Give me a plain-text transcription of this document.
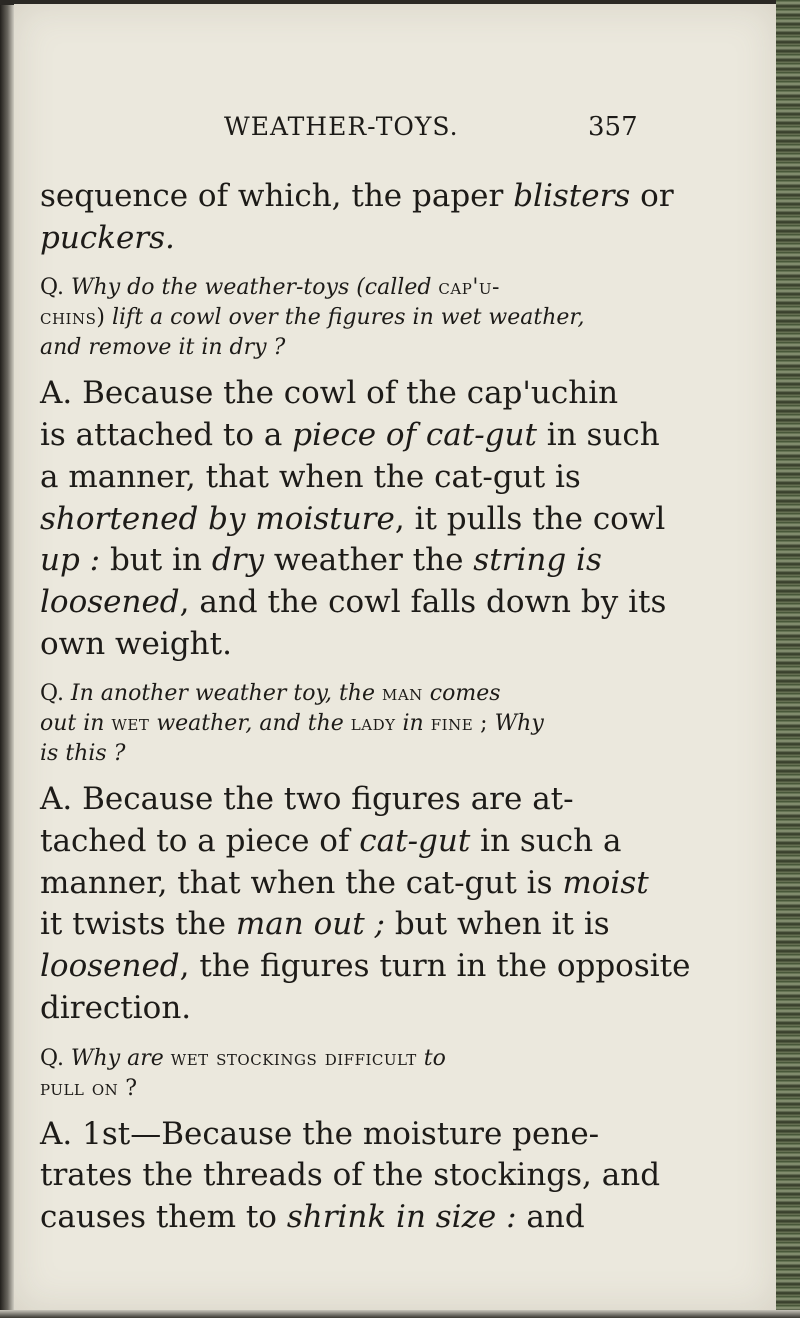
WEATHER-TOYS.	357
sequence of which, the paper blisters or
puckers.
Q. Why do the weather-toys (called cap'u-
chins) lift a cowl over the figures in wet weather,
and remove it in dry ?
A. Because the cowl of the cap'uchin
is attached to a piece of cat-gut in such
a manner, that when the cat-gut is
shortened by moisture, it pulls the cowl
up : but in dry weather the string is
loosened, and the cowl falls down by its
own weight.
Q. In another weather toy, the man comes
out in wet weather, and the lady in fine ; Why
is this ?
A. Because the two figures are at-
tached to a piece of cat-gut in such a
manner, that when the cat-gut is moist
it twists the man out ; but when it is
loosened, the figures turn in the opposite
direction.
Q. Why are wet stockings difficult to
pull on ?
A. 1st—Because the moisture pene-
trates the threads of the stockings, and
causes them to shrink in size : and
